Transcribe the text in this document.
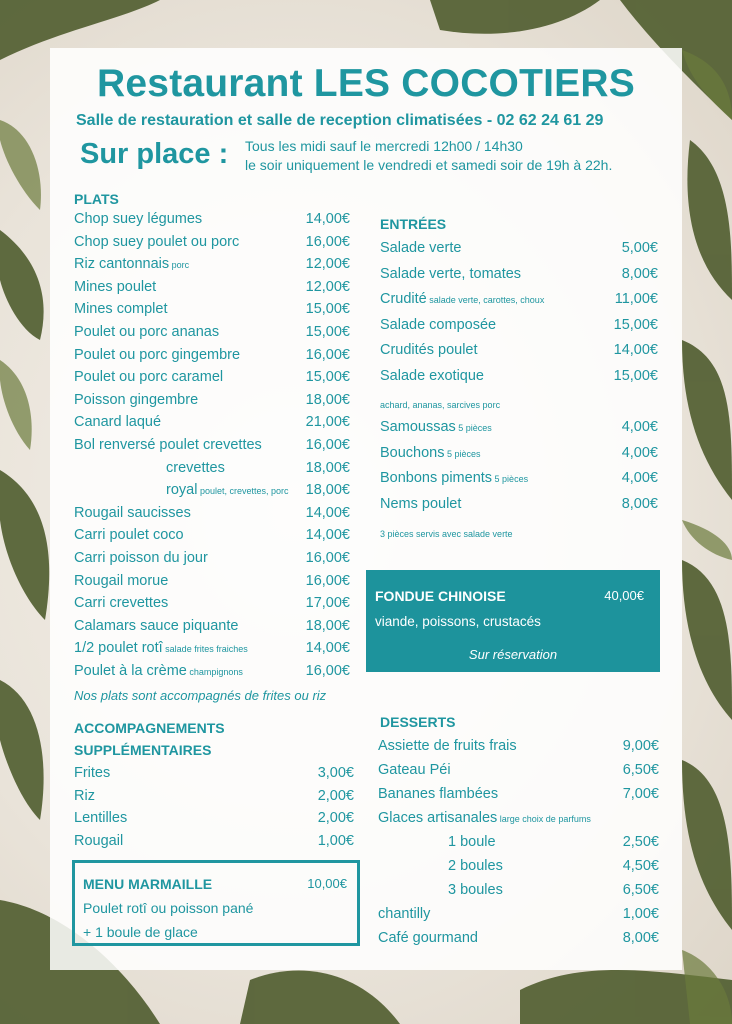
Restaurant LES COCOTIERS
Salle de restauration et salle de reception climatisées - 02 62 24 61 29
Sur place : Tous les midi sauf le mercredi 12h00 / 14h30
le soir uniquement le vendredi et samedi soir de 19h à 22h.
PLATS
Chop suey légumes	14,00€
Chop suey poulet ou porc	16,00€
Riz cantonnais porc	12,00€
Mines poulet	12,00€
Mines complet	15,00€
Poulet ou porc ananas	15,00€
Poulet ou porc gingembre	16,00€
Poulet ou porc caramel	15,00€
Poisson gingembre	18,00€
Canard laqué	21,00€
Bol renversé poulet crevettes	16,00€
crevettes	18,00€
royal poulet, crevettes, porc 18,00€
Rougail saucisses	14,00€
Carri poulet coco	14,00€
Carri poisson du jour	16,00€
Rougail morue	16,00€
Carri crevettes	17,00€
Calamars sauce piquante	18,00€
1/2 poulet rotî salade frites fraiches	14,00€
Poulet à la crème champignons	16,00€
Nos plats sont accompagnés de frites ou riz
ACCOMPAGNEMENTS
SUPPLÉMENTAIRES
Frites	3,00€
Riz	2,00€
Lentilles	2,00€
Rougail	1,00€
MENU MARMAILLE	10,00€
Poulet rotî ou poisson pané
+ 1 boule de glace
ENTRÉES
Salade verte	5,00€
Salade verte, tomates	8,00€
Crudité salade verte, carottes, choux	11,00€
Salade composée	15,00€
Crudités poulet	14,00€
Salade exotique	15,00€
achard, ananas, sarcives porc
Samoussas 5 pièces	4,00€
Bouchons 5 pièces	4,00€
Bonbons piments 5 pièces	4,00€
Nems poulet	8,00€
3 pièces servis avec salade verte
FONDUE CHINOISE	40,00€
viande, poissons, crustacés
Sur réservation
DESSERTS
Assiette de fruits frais	9,00€
Gateau Péi	6,50€
Bananes flambées	7,00€
Glaces artisanales large choix de parfums
1 boule	2,50€
2 boules	4,50€
3 boules	6,50€
chantilly	1,00€
Café gourmand	8,00€
